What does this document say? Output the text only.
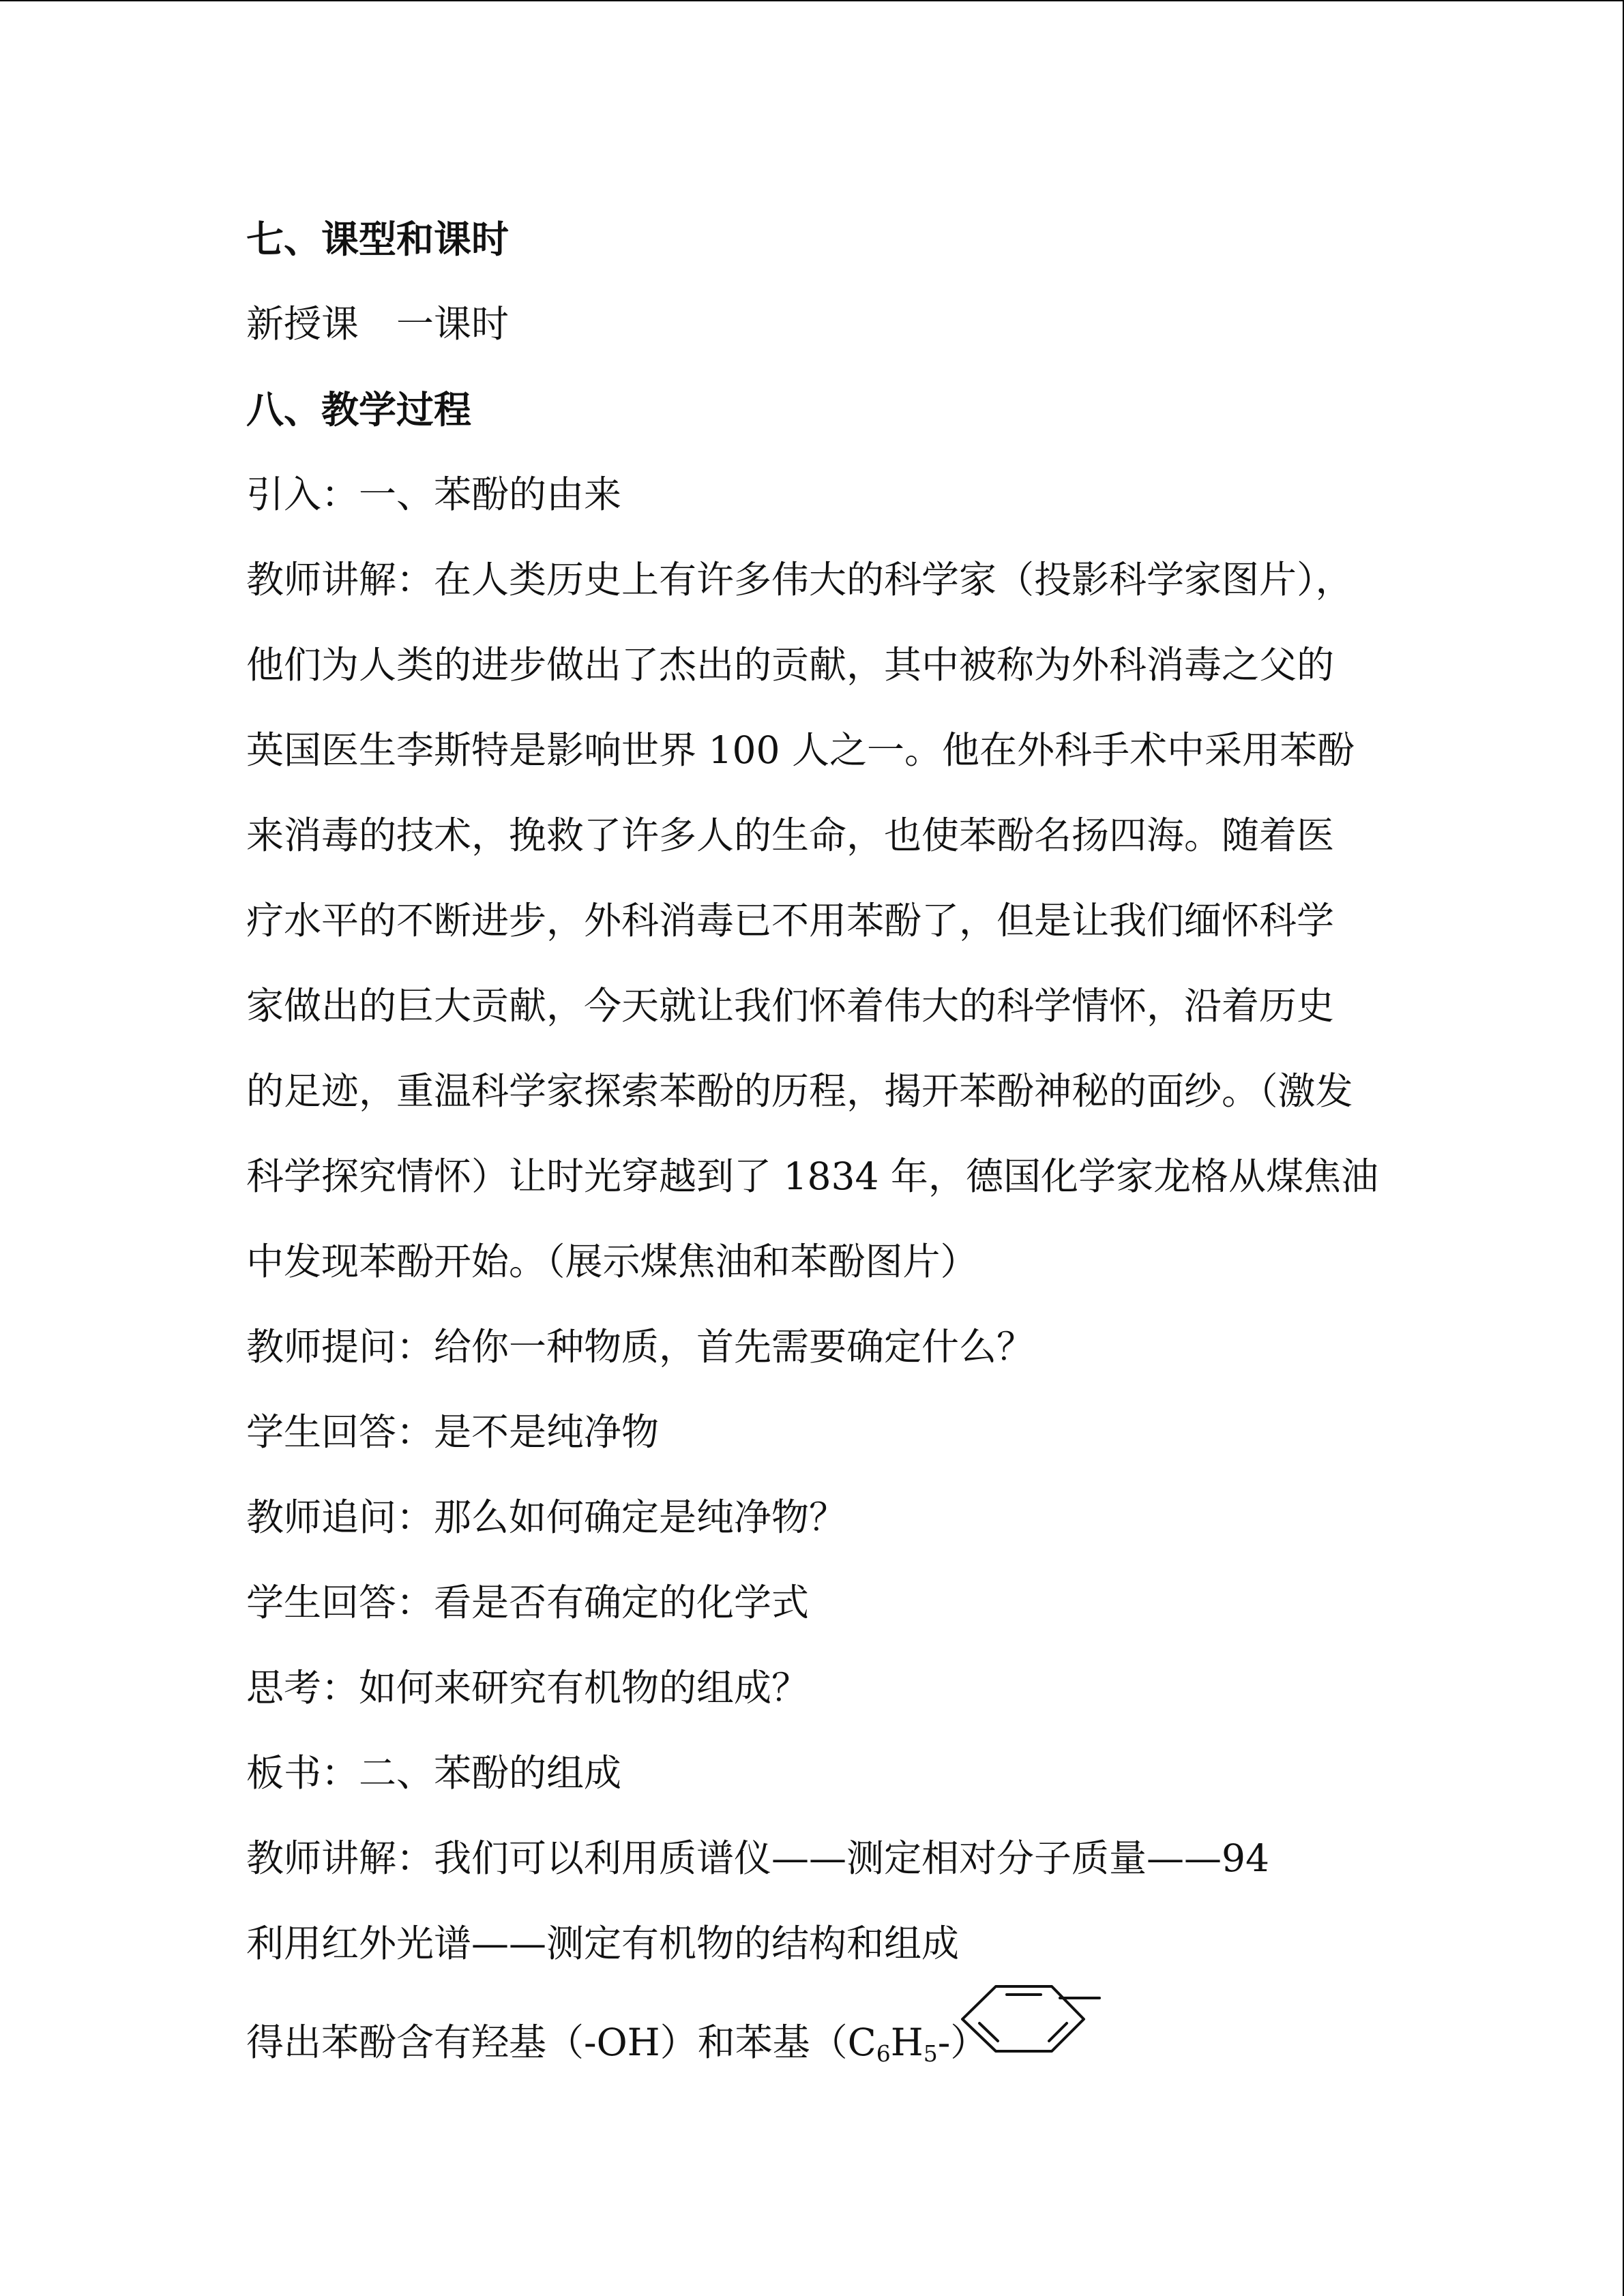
七、课型和课时
新授课　一课时
八、教学过程
引入：一、苯酚的由来
教师讲解：在人类历史上有许多伟大的科学家（投影科学家图片），
他们为人类的进步做出了杰出的贡献，其中被称为外科消毒之父的
英国医生李斯特是影响世界 100 人之一。他在外科手术中采用苯酚
来消毒的技术，挽救了许多人的生命，也使苯酚名扬四海。随着医
疗水平的不断进步，外科消毒已不用苯酚了，但是让我们缅怀科学
家做出的巨大贡献，今天就让我们怀着伟大的科学情怀，沿着历史
的足迹，重温科学家探索苯酚的历程，揭开苯酚神秘的面纱。（激发
科学探究情怀）让时光穿越到了 1834 年，德国化学家龙格从煤焦油
中发现苯酚开始。（展示煤焦油和苯酚图片）
教师提问：给你一种物质，首先需要确定什么？
学生回答：是不是纯净物
教师追问：那么如何确定是纯净物？
学生回答：看是否有确定的化学式
思考：如何来研究有机物的组成？
板书：二、苯酚的组成
教师讲解：我们可以利用质谱仪——测定相对分子质量——94
利用红外光谱——测定有机物的结构和组成
得出苯酚含有羟基（-OH）和苯基$(C_6H_5-)$
